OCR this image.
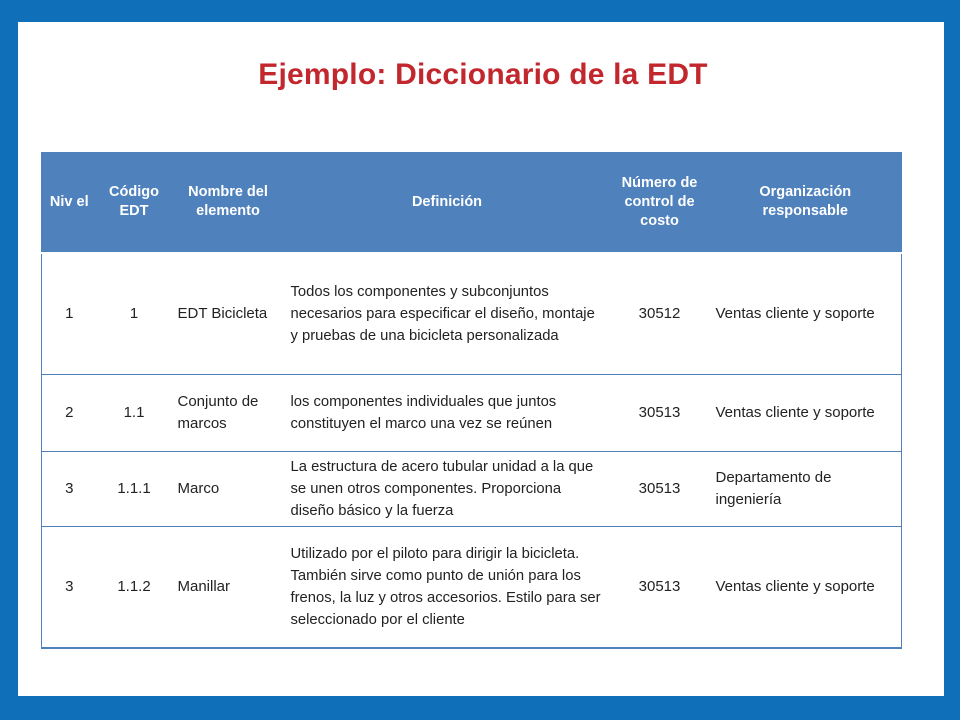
Ejemplo: Diccionario de la EDT
Niv el	Código EDT	Nombre del elemento	Definición	Número de control de costo	Organización responsable
1	1	EDT Bicicleta	Todos los componentes y subconjuntos necesarios para especificar el diseño, montaje y pruebas de una bicicleta personalizada	30512	Ventas cliente y soporte
2	1.1	Conjunto de marcos	los componentes individuales que juntos constituyen el marco una vez se reúnen	30513	Ventas cliente y soporte
3	1.1.1	Marco	La estructura de acero tubular unidad a la que se unen otros componentes. Proporciona diseño básico y la fuerza	30513	Departamento de ingeniería
3	1.1.2	Manillar	Utilizado por el piloto para dirigir la bicicleta. También sirve como punto de unión para los frenos, la luz y otros accesorios. Estilo para ser seleccionado por el cliente	30513	Ventas cliente y soporte
